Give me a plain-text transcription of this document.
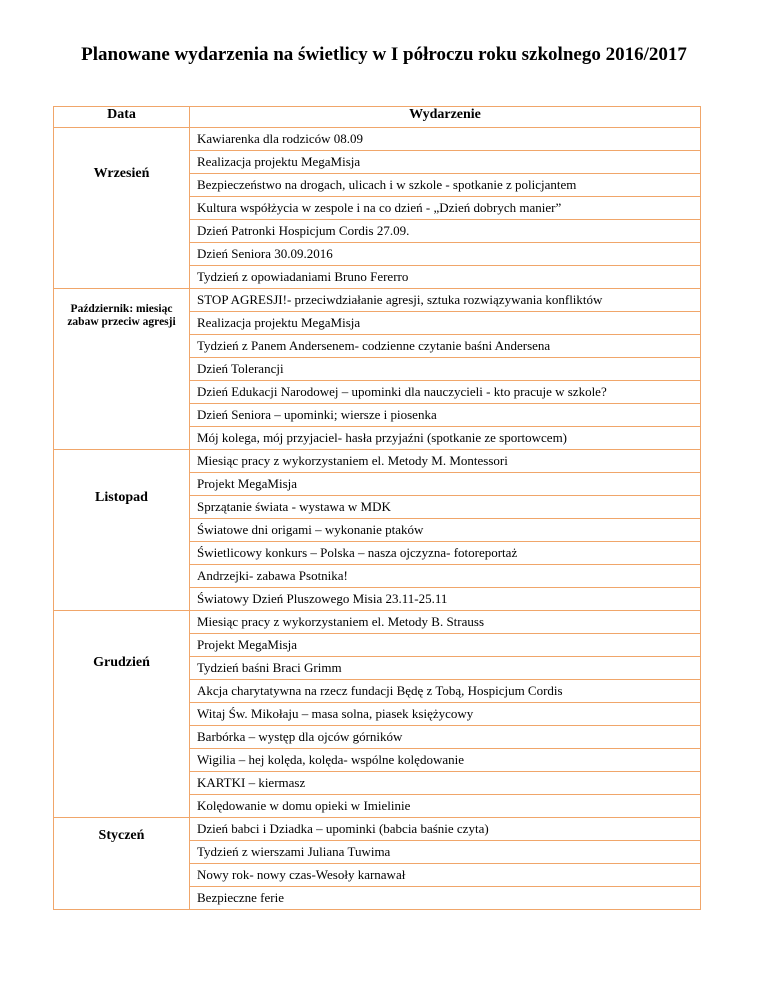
Planowane wydarzenia na świetlicy w I półroczu roku szkolnego 2016/2017
Data	Wydarzenie
Wrzesień	Kawiarenka dla rodziców 08.09
	Realizacja projektu MegaMisja
	Bezpieczeństwo na drogach, ulicach i w szkole - spotkanie z policjantem
	Kultura współżycia w zespole i na co dzień - „Dzień dobrych manier”
	Dzień Patronki Hospicjum Cordis 27.09.
	Dzień Seniora 30.09.2016
	Tydzień z opowiadaniami Bruno Fererro
Październik: miesiąc zabaw przeciw agresji	STOP AGRESJI!- przeciwdziałanie agresji, sztuka rozwiązywania konfliktów
	Realizacja projektu MegaMisja
	Tydzień z Panem Andersenem- codzienne czytanie baśni Andersena
	Dzień Tolerancji
	Dzień Edukacji Narodowej – upominki dla nauczycieli - kto pracuje w szkole?
	Dzień Seniora – upominki; wiersze i piosenka
	Mój kolega, mój przyjaciel- hasła przyjaźni (spotkanie ze sportowcem)
Listopad	Miesiąc pracy z wykorzystaniem el. Metody M. Montessori
	Projekt MegaMisja
	Sprzątanie świata - wystawa w MDK
	Światowe dni origami – wykonanie ptaków
	Świetlicowy konkurs – Polska – nasza ojczyzna- fotoreportaż
	Andrzejki- zabawa Psotnika!
	Światowy Dzień Pluszowego Misia 23.11-25.11
Grudzień	Miesiąc pracy z wykorzystaniem el. Metody B. Strauss
	Projekt MegaMisja
	Tydzień baśni Braci Grimm
	Akcja charytatywna na rzecz fundacji Będę z Tobą, Hospicjum Cordis
	Witaj Św. Mikołaju – masa solna, piasek księżycowy
	Barbórka – występ dla ojców górników
	Wigilia – hej kolęda, kolęda- wspólne kolędowanie
	KARTKI – kiermasz
	Kolędowanie w domu opieki w Imielinie
Styczeń	Dzień babci i Dziadka – upominki (babcia baśnie czyta)
	Tydzień z wierszami Juliana Tuwima
	Nowy rok- nowy czas-Wesoły karnawał
	Bezpieczne ferie
